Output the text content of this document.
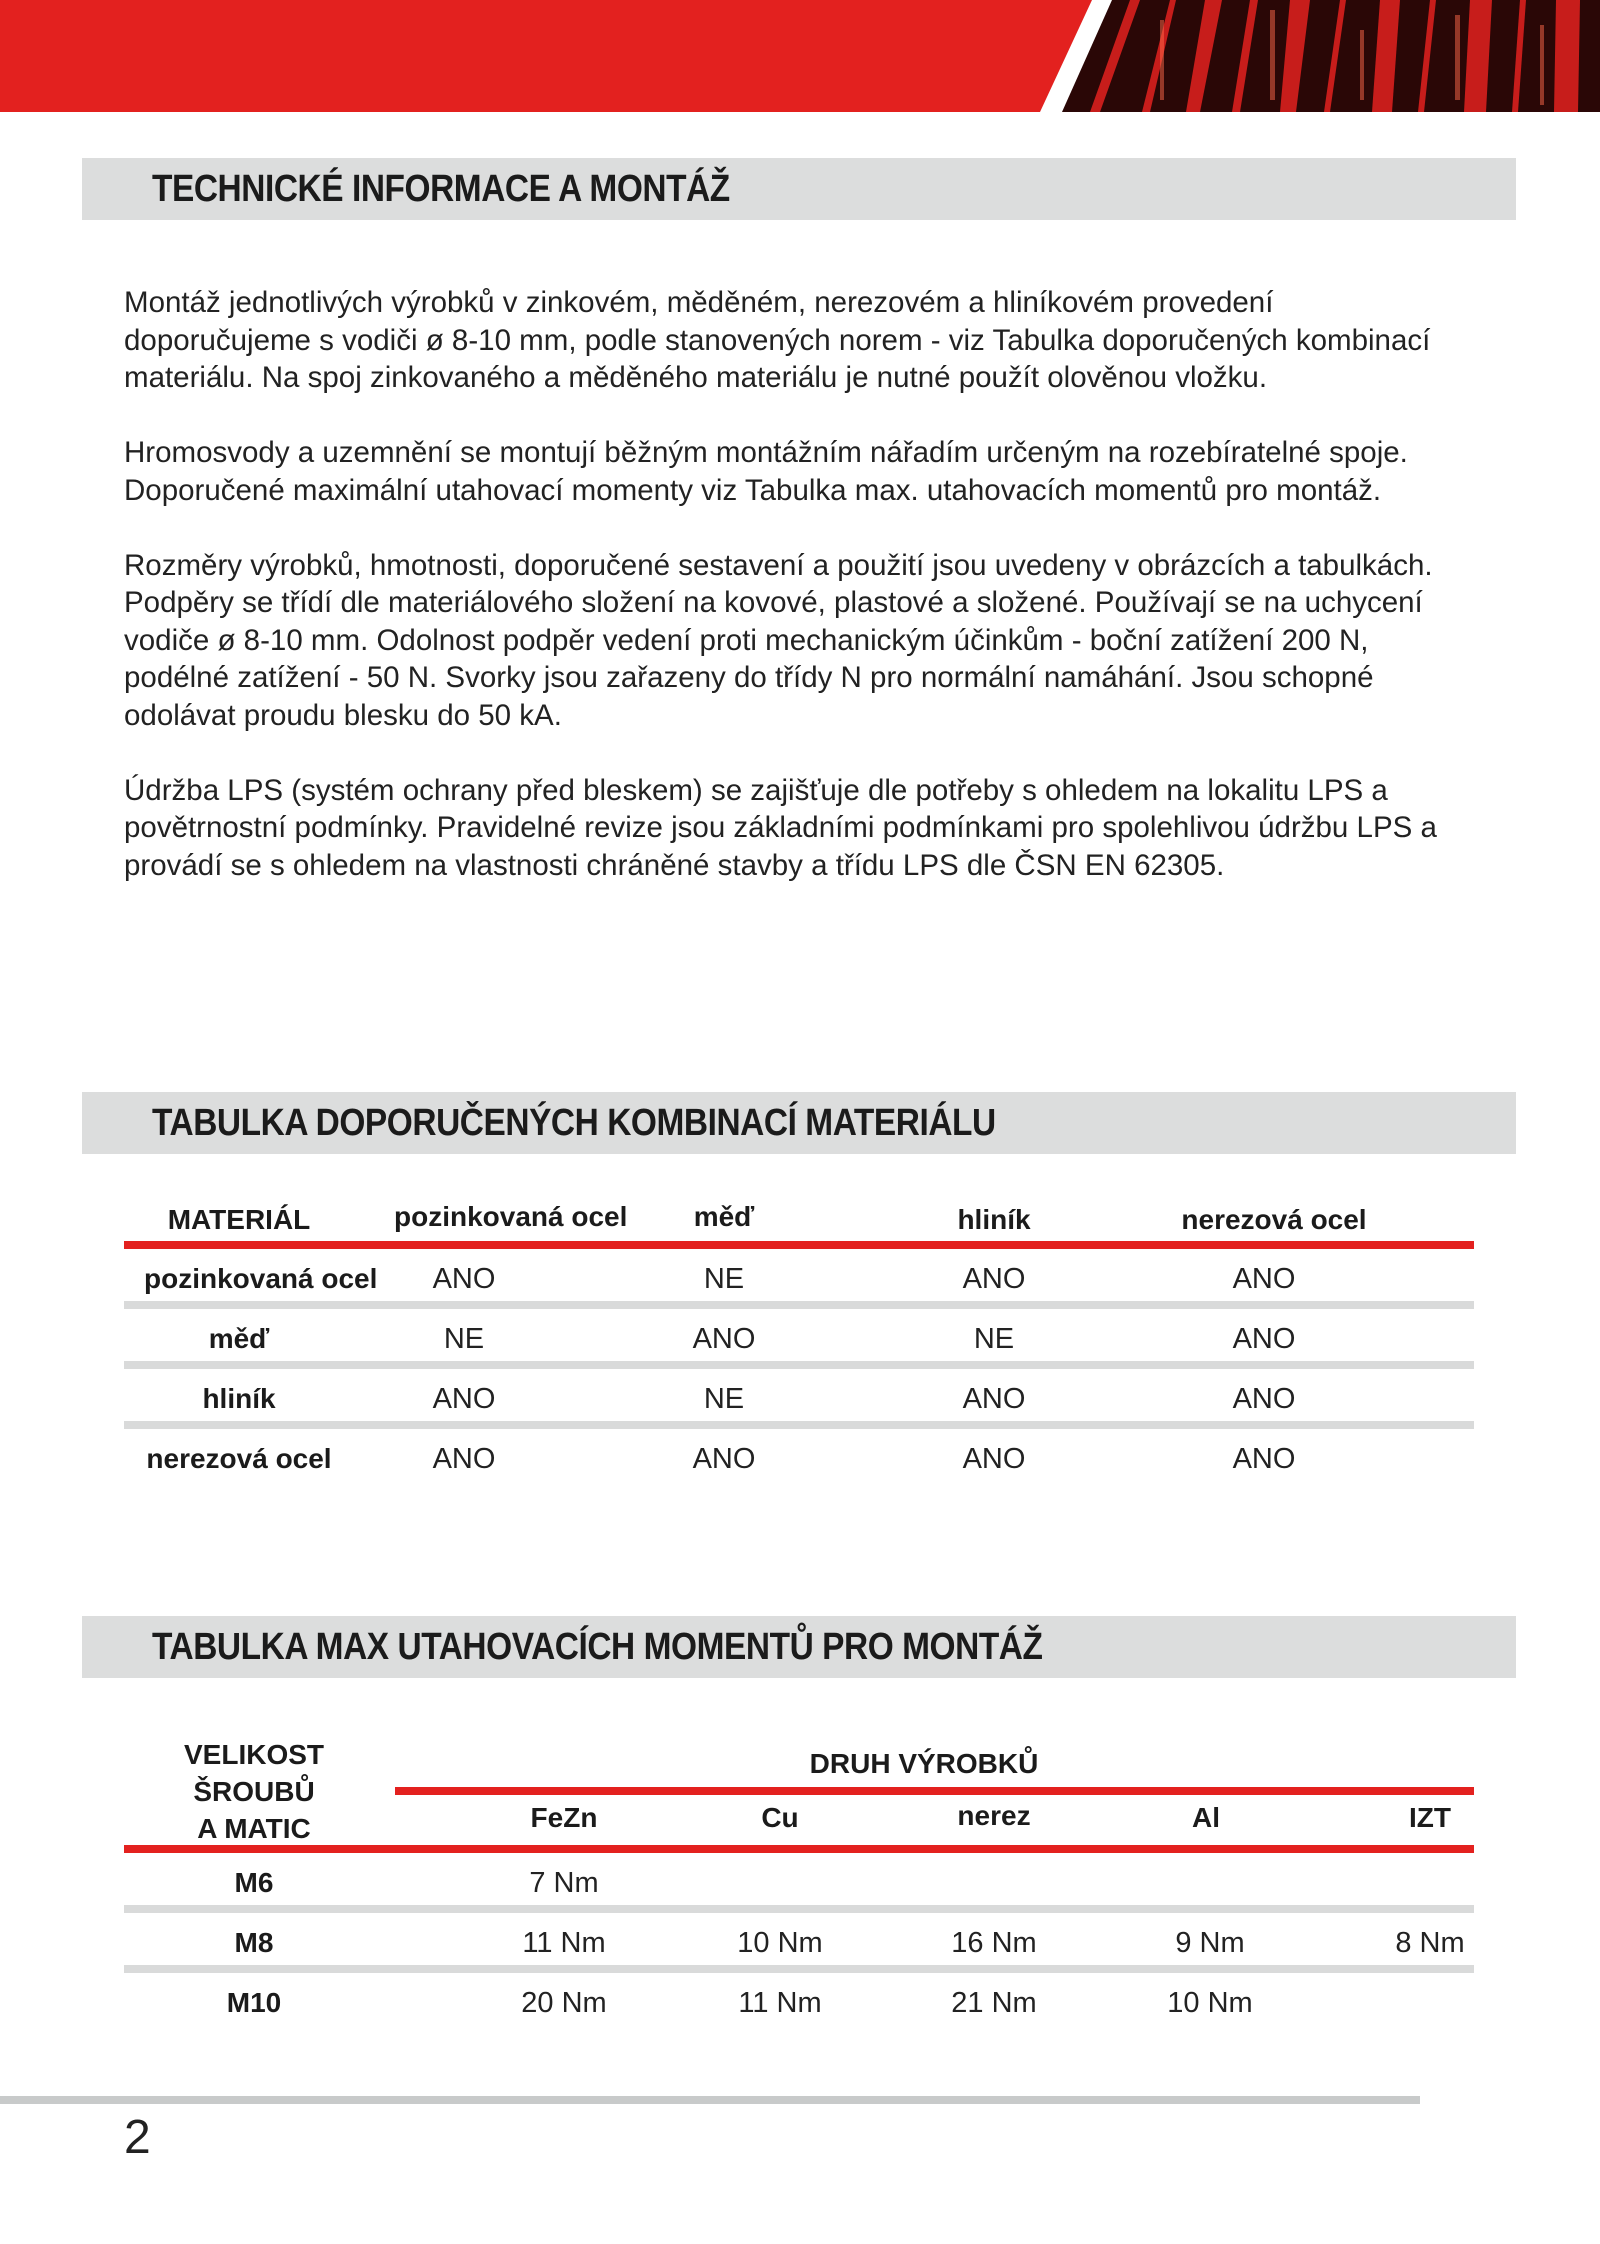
TECHNICKÉ INFORMACE A MONTÁŽ

Montáž jednotlivých výrobků v zinkovém, měděném, nerezovém a hliníkovém provedení doporučujeme s vodiči ø 8-10 mm, podle stanovených norem - viz Tabulka doporučených kombinací materiálu. Na spoj zinkovaného a měděného materiálu je nutné použít olověnou vložku.

Hromosvody a uzemnění se montují běžným montážním nářadím určeným na rozebíratelné spoje. Doporučené maximální utahovací momenty viz Tabulka max. utahovacích momentů pro montáž.

Rozměry výrobků, hmotnosti, doporučené sestavení a použití jsou uvedeny v obrázcích a tabulkách. Podpěry se třídí dle materiálového složení na kovové, plastové a složené. Používají se na uchycení vodiče ø 8-10 mm. Odolnost podpěr vedení proti mechanickým účinkům - boční zatížení 200 N, podélné zatížení - 50 N. Svorky jsou zařazeny do třídy N pro normální namáhání. Jsou schopné odolávat proudu blesku do 50 kA.

Údržba LPS (systém ochrany před bleskem) se zajišťuje dle potřeby s ohledem na lokalitu LPS a povětrnostní podmínky. Pravidelné revize jsou základními podmínkami pro spolehlivou údržbu LPS a provádí se s ohledem na vlastnosti chráněné stavby a třídu LPS dle ČSN EN 62305.

TABULKA DOPORUČENÝCH KOMBINACÍ MATERIÁLU
MATERIÁL	pozinkovaná ocel	měď	hliník	nerezová ocel
pozinkovaná ocel	ANO	NE	ANO	ANO
měď	NE	ANO	NE	ANO
hliník	ANO	NE	ANO	ANO
nerezová ocel	ANO	ANO	ANO	ANO
TABULKA MAX UTAHOVACÍCH MOMENTŮ PRO MONTÁŽ
VELIKOST
ŠROUBŮ
A MATIC
DRUH VÝROBKŮ
FeZn	Cu	nerez	Al	IZT
M6	7 Nm
M8	11 Nm	10 Nm	16 Nm	9 Nm	8 Nm
M10	20 Nm	11 Nm	21 Nm	10 Nm
2
